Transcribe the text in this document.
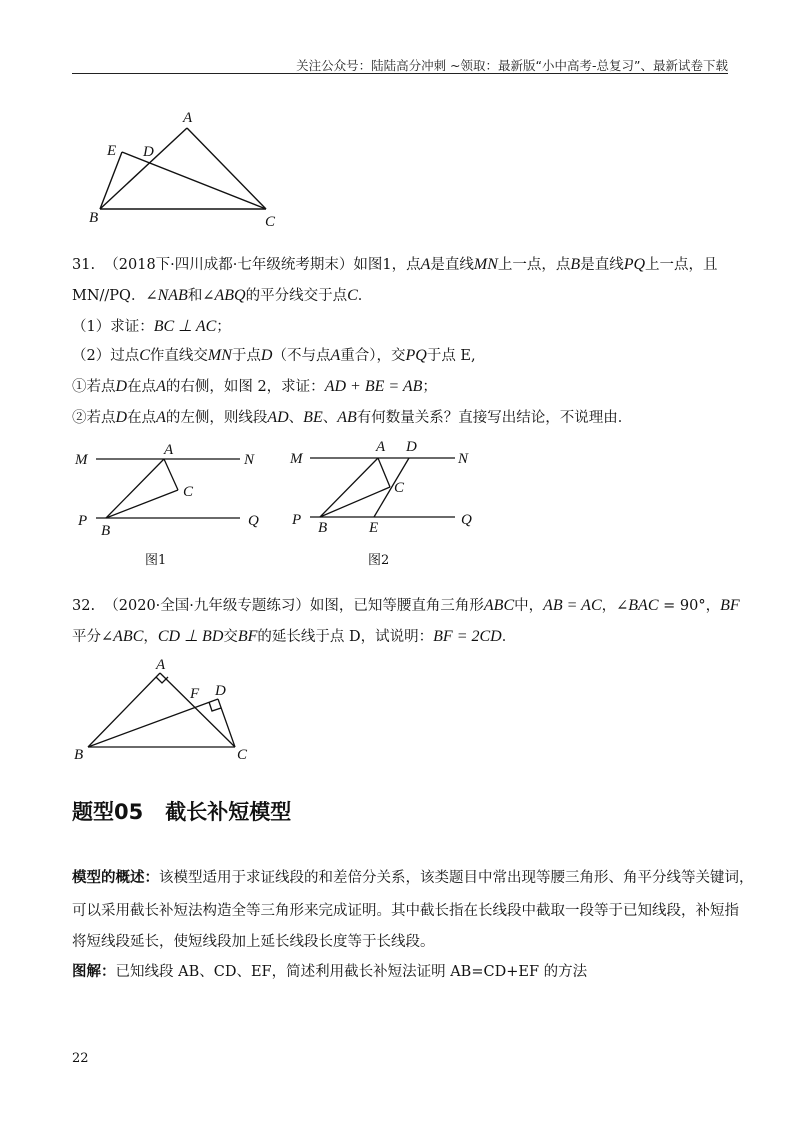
关注公众号：陆陆高分冲刺 ~领取：最新版“小中高考-总复习”、最新试卷下载
A
D
E
B	C
31. （2018下·四川成都·七年级统考期末）如图1，点A是直线MN上一点，点B是直线PQ上一点，且
MN//PQ．∠NAB和∠ABQ的平分线交于点C．
（1）求证：BC ⊥ AC；
（2）过点C作直线交MN于点D（不与点A重合），交PQ于点 E,
①若点D在点A的右侧，如图 2，求证：AD + BE = AB；
②若点D在点A的左侧，则线段AD、BE、AB有何数量关系？直接写出结论，不说理由．
M
A
N
C
P
B
Q
图1
M
A D
N
C
P B	E	Q
图2
32. （2020·全国·九年级专题练习）如图，已知等腰直角三角形ABC中，AB = AC，∠BAC = 90°，BF
平分∠ABC，CD ⊥ BD交BF的延长线于点 D，试说明：BF = 2CD．
A
F D
B	C
题型05 截长补短模型
模型的概述：该模型适用于求证线段的和差倍分关系，该类题目中常出现等腰三角形、角平分线等关键词，
可以采用截长补短法构造全等三角形来完成证明。其中截长指在长线段中截取一段等于已知线段，补短指
将短线段延长，使短线段加上延长线段长度等于长线段。
图解：已知线段 AB、CD、EF，简述利用截长补短法证明 AB=CD+EF 的方法
22
